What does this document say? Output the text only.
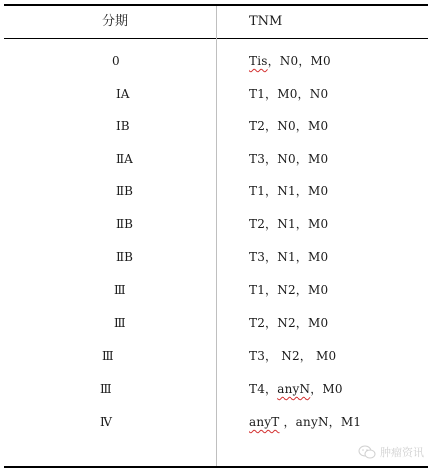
分期	TNM
0	Tis，N0，M0
ⅠA	T1，M0，N0
ⅠB	T2，N0，M0
ⅡA	T3，N0，M0
ⅡB	T1，N1，M0
ⅡB	T2，N1，M0
ⅡB	T3，N1，M0
Ⅲ	T1，N2，M0
Ⅲ	T2，N2，M0
Ⅲ	T3， N2， M0
Ⅲ	T4，anyN，M0
Ⅳ	anyT ，anyN，M1
肿瘤资讯
